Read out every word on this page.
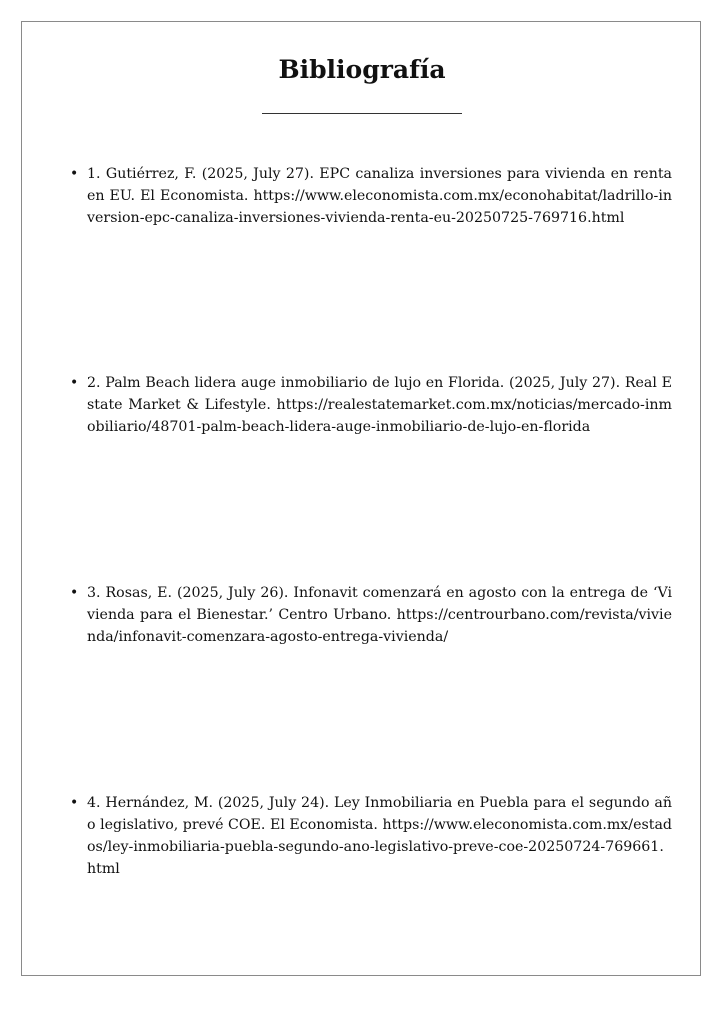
Bibliografía
• 1. Gutiérrez, F. (2025, July 27). EPC canaliza inversiones para vivienda en renta en EU. El Economista. https://www.eleconomista.com.mx/econohabitat/ladrillo-inversion-epc-canaliza-inversiones-vivienda-renta-eu-20250725-769716.html
• 2. Palm Beach lidera auge inmobiliario de lujo en Florida. (2025, July 27). Real Estate Market & Lifestyle. https://realestatemarket.com.mx/noticias/mercado-inmobiliario/48701-palm-beach-lidera-auge-inmobiliario-de-lujo-en-florida
• 3. Rosas, E. (2025, July 26). Infonavit comenzará en agosto con la entrega de ‘Vivienda para el Bienestar.’ Centro Urbano. https://centrourbano.com/revista/vivienda/infonavit-comenzara-agosto-entrega-vivienda/
• 4. Hernández, M. (2025, July 24). Ley Inmobiliaria en Puebla para el segundo año legislativo, prevé COE. El Economista. https://www.eleconomista.com.mx/estados/ley-inmobiliaria-puebla-segundo-ano-legislativo-preve-coe-20250724-769661.html
